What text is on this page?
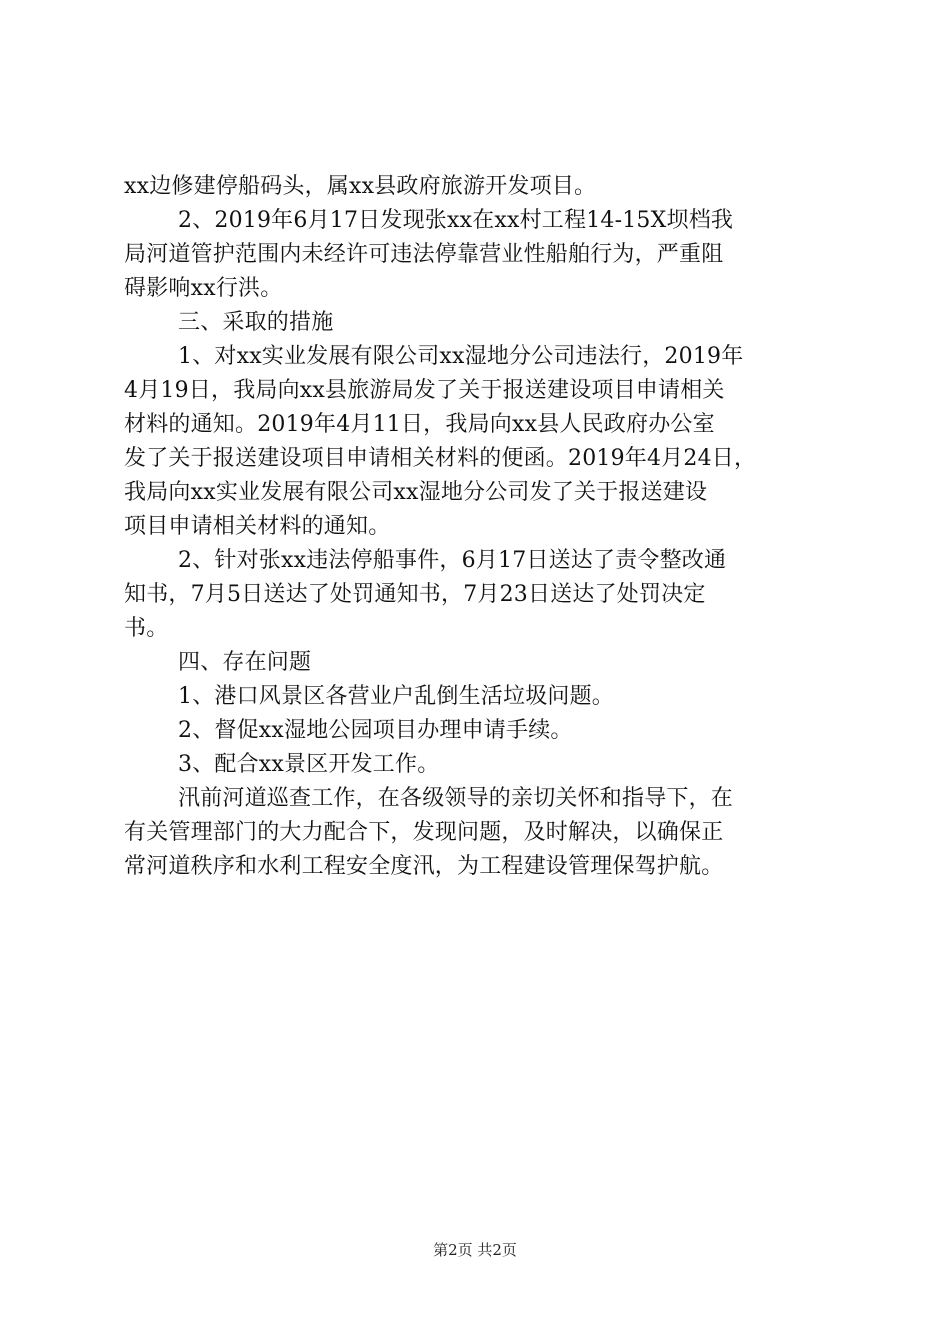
xx边修建停船码头，属xx县政府旅游开发项目。
2、2019年6月17日发现张xx在xx村工程14-15X坝档我
局河道管护范围内未经许可违法停靠营业性船舶行为，严重阻
碍影响xx行洪。
三、采取的措施
1、对xx实业发展有限公司xx湿地分公司违法行，2019年
4月19日，我局向xx县旅游局发了关于报送建设项目申请相关
材料的通知。2019年4月11日，我局向xx县人民政府办公室
发了关于报送建设项目申请相关材料的便函。2019年4月24日，
我局向xx实业发展有限公司xx湿地分公司发了关于报送建设
项目申请相关材料的通知。
2、针对张xx违法停船事件，6月17日送达了责令整改通
知书，7月5日送达了处罚通知书，7月23日送达了处罚决定
书。
四、存在问题
1、港口风景区各营业户乱倒生活垃圾问题。
2、督促xx湿地公园项目办理申请手续。
3、配合xx景区开发工作。
汛前河道巡查工作，在各级领导的亲切关怀和指导下，在
有关管理部门的大力配合下，发现问题，及时解决，以确保正
常河道秩序和水利工程安全度汛，为工程建设管理保驾护航。
第2页 共2页
